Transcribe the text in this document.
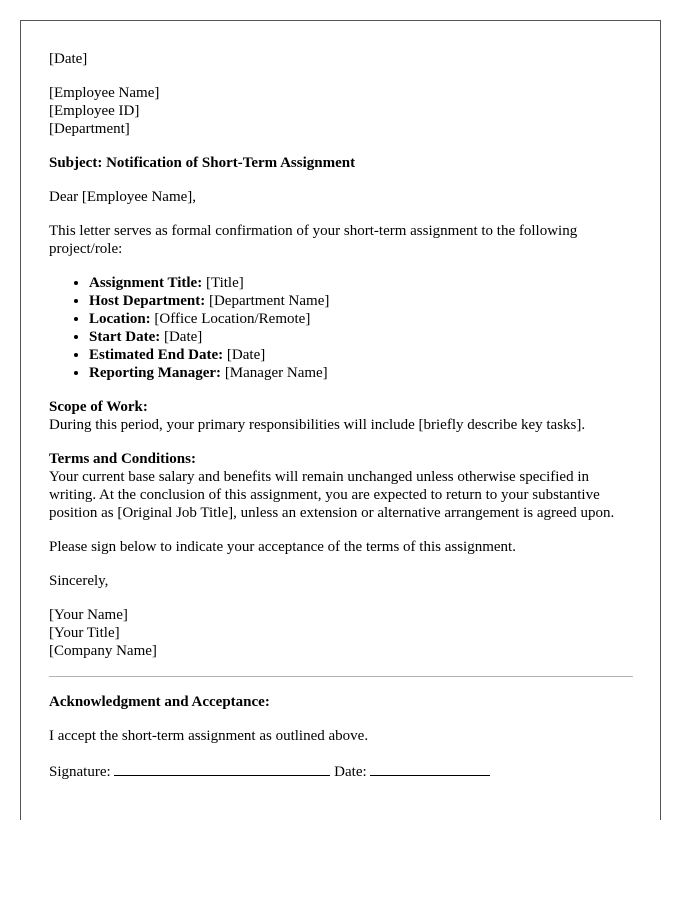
[Date]

[Employee Name]
[Employee ID]
[Department]

Subject: Notification of Short-Term Assignment

Dear [Employee Name],

This letter serves as formal confirmation of your short-term assignment to the following project/role:

• Assignment Title: [Title]
• Host Department: [Department Name]
• Location: [Office Location/Remote]
• Start Date: [Date]
• Estimated End Date: [Date]
• Reporting Manager: [Manager Name]

Scope of Work:
During this period, your primary responsibilities will include [briefly describe key tasks].

Terms and Conditions:
Your current base salary and benefits will remain unchanged unless otherwise specified in writing. At the conclusion of this assignment, you are expected to return to your substantive position as [Original Job Title], unless an extension or alternative arrangement is agreed upon.

Please sign below to indicate your acceptance of the terms of this assignment.

Sincerely,

[Your Name]
[Your Title]
[Company Name]

Acknowledgment and Acceptance:

I accept the short-term assignment as outlined above.

Signature:	Date:
